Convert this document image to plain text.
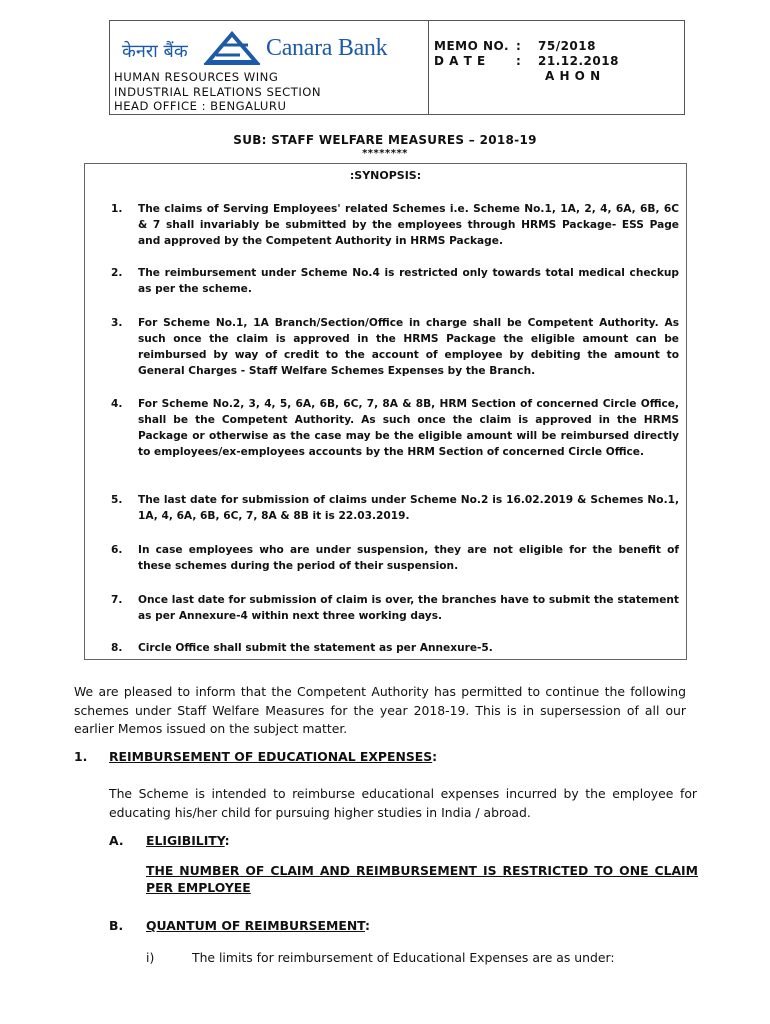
केनरा बैंक	Canara Bank
HUMAN RESOURCES WING
INDUSTRIAL RELATIONS SECTION
HEAD OFFICE : BENGALURU
MEMO NO. : 75/2018
D A T E	: 21.12.2018
A H O N
SUB: STAFF WELFARE MEASURES – 2018-19
********
:SYNOPSIS:
1. The claims of Serving Employees' related Schemes i.e. Scheme No.1, 1A, 2, 4, 6A, 6B, 6C & 7 shall invariably be submitted by the employees through HRMS Package- ESS Page and approved by the Competent Authority in HRMS Package.
2. The reimbursement under Scheme No.4 is restricted only towards total medical checkup as per the scheme.
3. For Scheme No.1, 1A Branch/Section/Office in charge shall be Competent Authority. As such once the claim is approved in the HRMS Package the eligible amount can be reimbursed by way of credit to the account of employee by debiting the amount to General Charges - Staff Welfare Schemes Expenses by the Branch.
4. For Scheme No.2, 3, 4, 5, 6A, 6B, 6C, 7, 8A & 8B, HRM Section of concerned Circle Office, shall be the Competent Authority. As such once the claim is approved in the HRMS Package or otherwise as the case may be the eligible amount will be reimbursed directly to employees/ex-employees accounts by the HRM Section of concerned Circle Office.
5. The last date for submission of claims under Scheme No.2 is 16.02.2019 & Schemes No.1, 1A, 4, 6A, 6B, 6C, 7, 8A & 8B it is 22.03.2019.
6. In case employees who are under suspension, they are not eligible for the benefit of these schemes during the period of their suspension.
7. Once last date for submission of claim is over, the branches have to submit the statement as per Annexure-4 within next three working days.
8. Circle Office shall submit the statement as per Annexure-5.
We are pleased to inform that the Competent Authority has permitted to continue the following schemes under Staff Welfare Measures for the year 2018-19. This is in supersession of all our earlier Memos issued on the subject matter.
1. REIMBURSEMENT OF EDUCATIONAL EXPENSES:
The Scheme is intended to reimburse educational expenses incurred by the employee for educating his/her child for pursuing higher studies in India / abroad.
A. ELIGIBILITY:
THE NUMBER OF CLAIM AND REIMBURSEMENT IS RESTRICTED TO ONE CLAIM PER EMPLOYEE
B. QUANTUM OF REIMBURSEMENT:
i)	The limits for reimbursement of Educational Expenses are as under:
